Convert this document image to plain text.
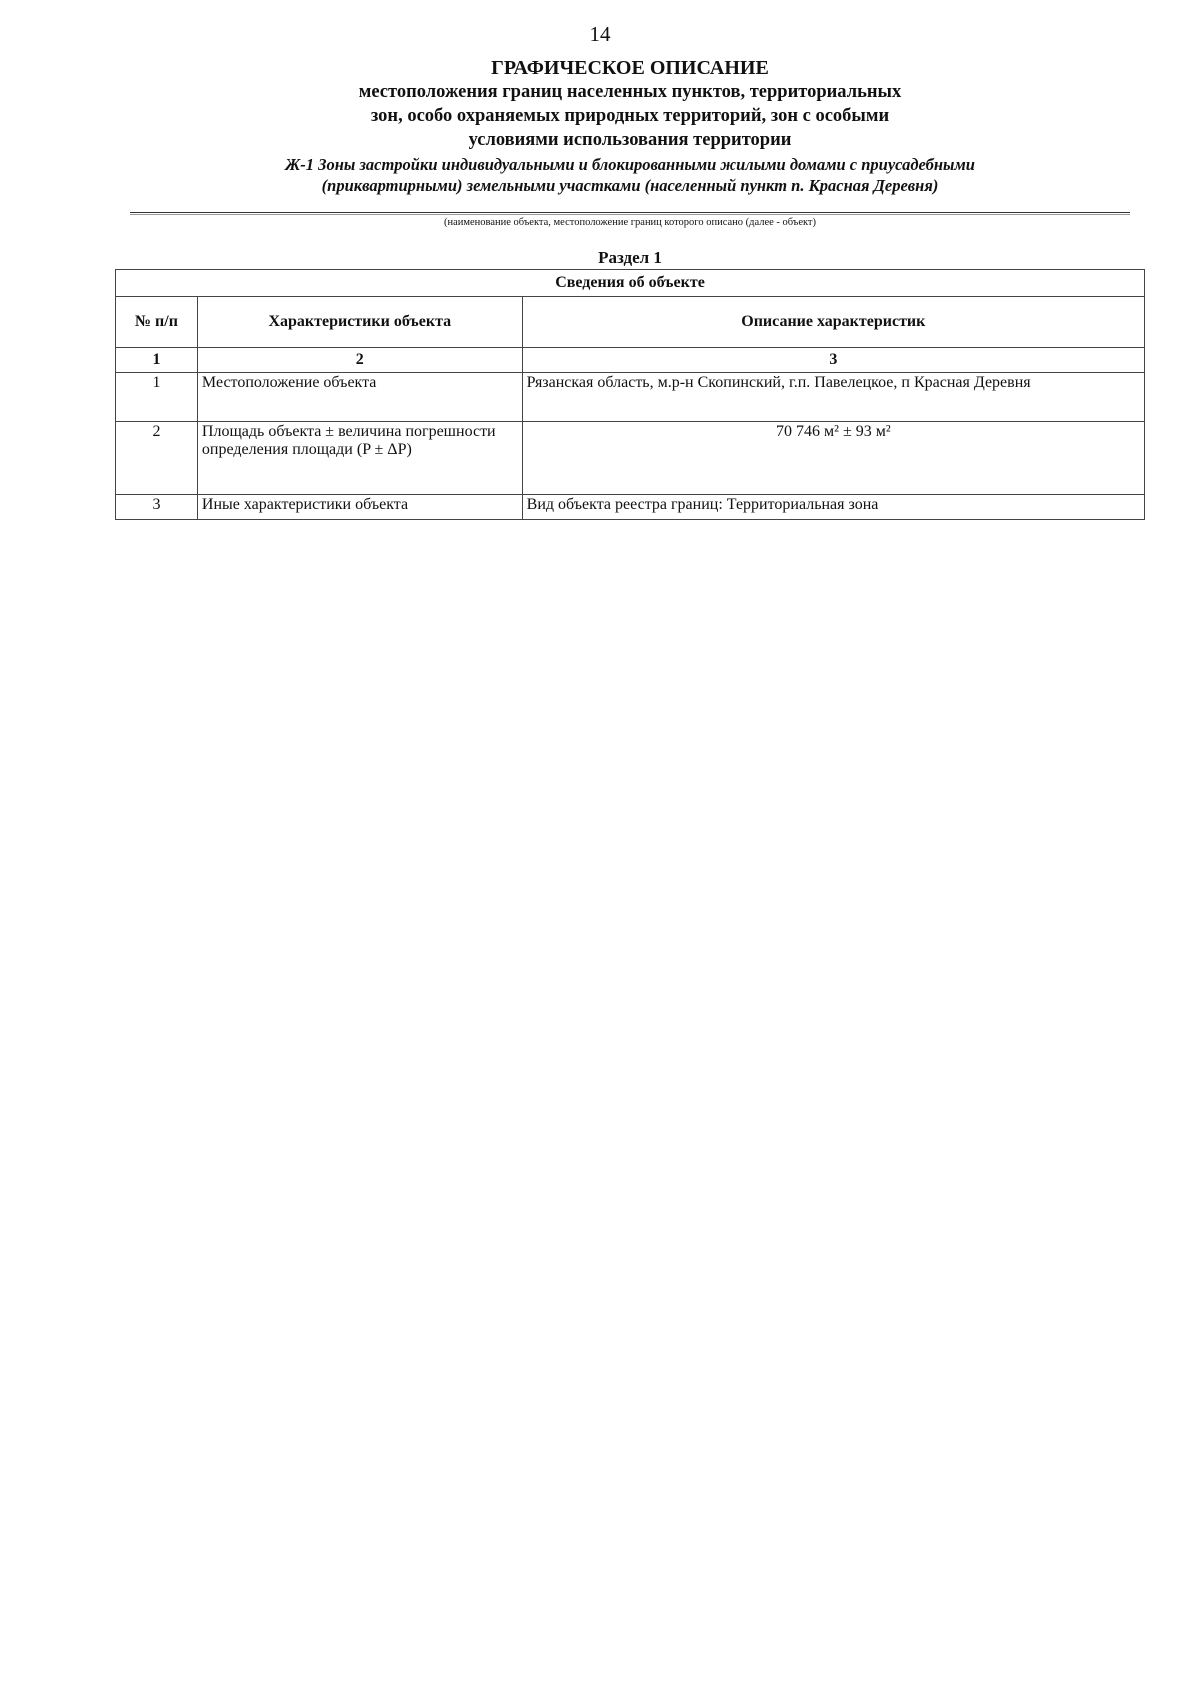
14
ГРАФИЧЕСКОЕ ОПИСАНИЕ
местоположения границ населенных пунктов, территориальных
зон, особо охраняемых природных территорий, зон с особыми
условиями использования территории
Ж-1 Зоны застройки индивидуальными и блокированными жилыми домами с приусадебными
(приквартирными) земельными участками (населенный пункт п. Красная Деревня)
(наименование объекта, местоположение границ которого описано (далее - объект)
Раздел 1
Сведения об объекте		
№ п/п	Характеристики объекта	Описание характеристик
1	2	3
1	Местоположение объекта	Рязанская область, м.р-н Скопинский, г.п. Павелецкое, п Красная Деревня
2	Площадь объекта ± величина погрешности определения площади (P ± ΔP)	70 746 м² ± 93 м²
3	Иные характеристики объекта	Вид объекта реестра границ: Территориальная зона
